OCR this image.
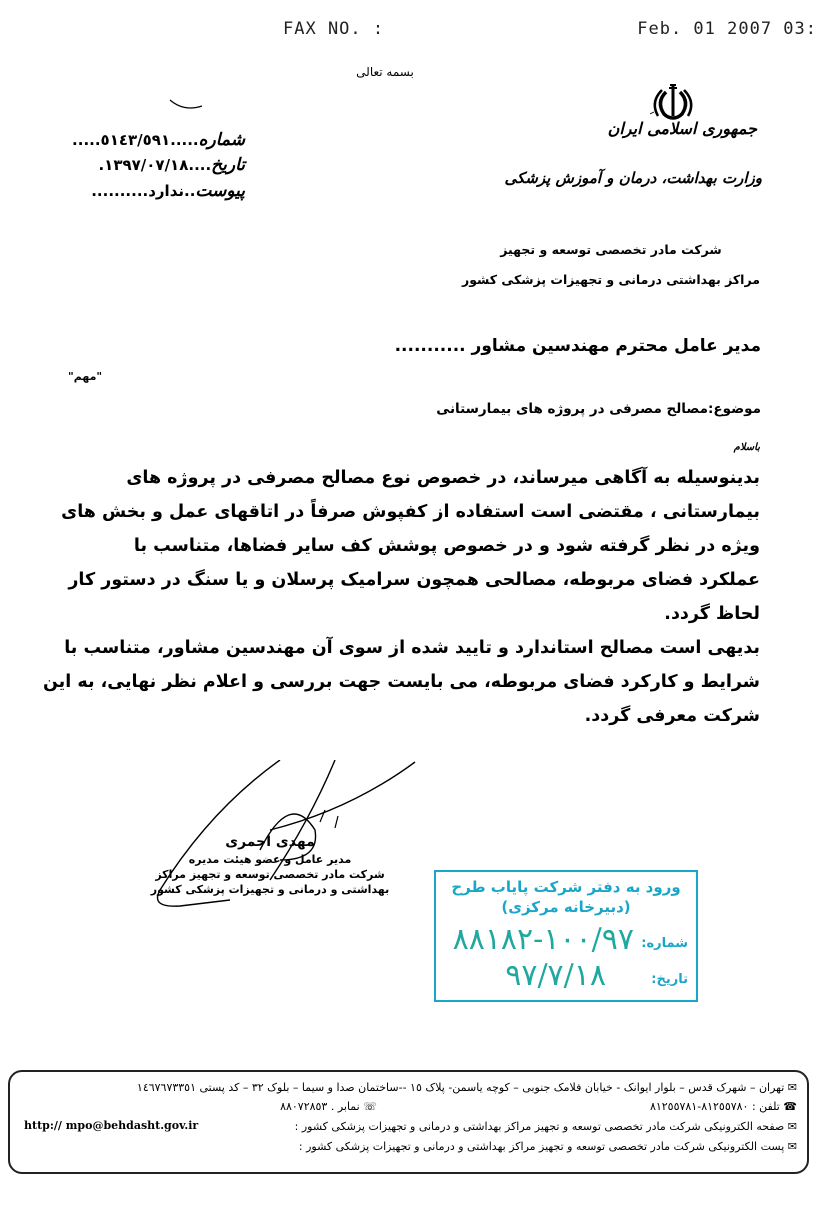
FAX NO. :	Feb. 01 2007 03:
بسمه تعالی
شماره.....٥١٤٣/٥٩١.....
تاریخ....١٣٩٧/٠٧/١٨.
پیوست..ندارد..........
جمهوری اسلامی ایران
وزارت بهداشت، درمان و آموزش پزشکی
شرکت مادر تخصصی توسعه و تجهیز
مراکز بهداشتی درمانی و تجهیزات پزشکی کشور
مدیر عامل محترم مهندسین مشاور ...........
"مهم"
موضوع:مصالح مصرفی در پروژه های بیمارستانی
باسلام
بدینوسیله به آگاهی میرساند، در خصوص نوع مصالح مصرفی در پروژه های
بیمارستانی ، مقتضی است استفاده از کفپوش صرفاً در اتاقهای عمل و بخش های
ویژه در نظر گرفته شود و در خصوص پوشش کف سایر فضاها، متناسب با
عملکرد فضای مربوطه، مصالحی همچون سرامیک پرسلان و یا سنگ در دستور کار
لحاظ گردد.
بدیهی است مصالح استاندارد و تایید شده از سوی آن مهندسین مشاور، متناسب با
شرایط و کارکرد فضای مربوطه، می بایست جهت بررسی و اعلام نظر نهایی، به این
شرکت معرفی گردد.
مهدی احمری
مدیر عامل و عضو هیئت مدیره
شرکت مادر تخصصی توسعه و تجهیز مراکز
بهداشتی و درمانی و تجهیزات پزشکی کشور	ورود به دفتر شرکت پایاب طرح
(دبیرخانه مرکزی)
شماره:
١٠٠/٩٧-٨٨١٨٢
تاریخ:
٩٧/٧/١٨
✉ تهران – شهرک قدس – بلوار ایوانک - خیابان فلامک جنوبی – کوچه یاسمن- پلاک ١٥ --ساختمان صدا و سیما – بلوک ٣٢ – کد پستی ١٤٦٧٦٧٣٣٥١
☎ تلفن : ٨١٢٥٥٧٨٠-٨١٢٥٥٧٨١
☏ نمابر . ٨٨٠٧٢٨٥٣
✉ صفحه الکترونیکی شرکت مادر تخصصی توسعه و تجهیز مراکز بهداشتی و درمانی و تجهیزات پزشکی کشور :
http:// mpo@behdasht.gov.ir
✉ پست الکترونیکی شرکت مادر تخصصی توسعه و تجهیز مراکز بهداشتی و درمانی و تجهیزات پزشکی کشور :
